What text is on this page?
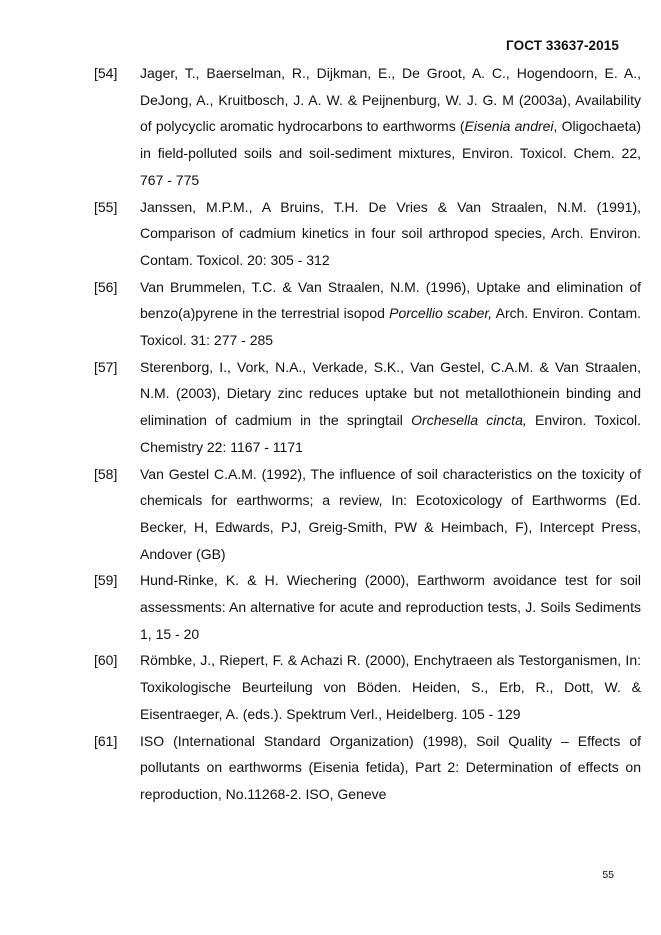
ГОСТ 33637-2015
[54]	Jager, T., Baerselman, R., Dijkman, E., De Groot, A. C., Hogendoorn, E. A., DeJong, A., Kruitbosch, J. A. W. & Peijnenburg, W. J. G. M (2003a), Availability of polycyclic aromatic hydrocarbons to earthworms (Eisenia andrei, Oligochaeta) in field-polluted soils and soil-sediment mixtures, Environ. Toxicol. Chem. 22, 767 - 775
[55]	Janssen, M.P.M., A Bruins, T.H. De Vries & Van Straalen, N.M. (1991), Comparison of cadmium kinetics in four soil arthropod species, Arch. Environ. Contam. Toxicol. 20: 305 - 312
[56]	Van Brummelen, T.C. & Van Straalen, N.M. (1996), Uptake and elimination of benzo(a)pyrene in the terrestrial isopod Porcellio scaber, Arch. Environ. Contam. Toxicol. 31: 277 - 285
[57]	Sterenborg, I., Vork, N.A., Verkade, S.K., Van Gestel, C.A.M. & Van Straalen, N.M. (2003), Dietary zinc reduces uptake but not metallothionein binding and elimination of cadmium in the springtail Orchesella cincta, Environ. Toxicol. Chemistry 22: 1167 - 1171
[58]	Van Gestel C.A.M. (1992), The influence of soil characteristics on the toxicity of chemicals for earthworms; a review, In: Ecotoxicology of Earthworms (Ed. Becker, H, Edwards, PJ, Greig-Smith, PW & Heimbach, F), Intercept Press, Andover (GB)
[59]	Hund-Rinke, K. & H. Wiechering (2000), Earthworm avoidance test for soil assessments: An alternative for acute and reproduction tests, J. Soils Sediments 1, 15 - 20
[60]	Römbke, J., Riepert, F. & Achazi R. (2000), Enchytraeen als Testorganismen, In: Toxikologische Beurteilung von Böden. Heiden, S., Erb, R., Dott, W. & Eisentraeger, A. (eds.). Spektrum Verl., Heidelberg. 105 - 129
[61]	ISO (International Standard Organization) (1998), Soil Quality – Effects of pollutants on earthworms (Eisenia fetida), Part 2: Determination of effects on reproduction, No.11268-2. ISO, Geneve
55
